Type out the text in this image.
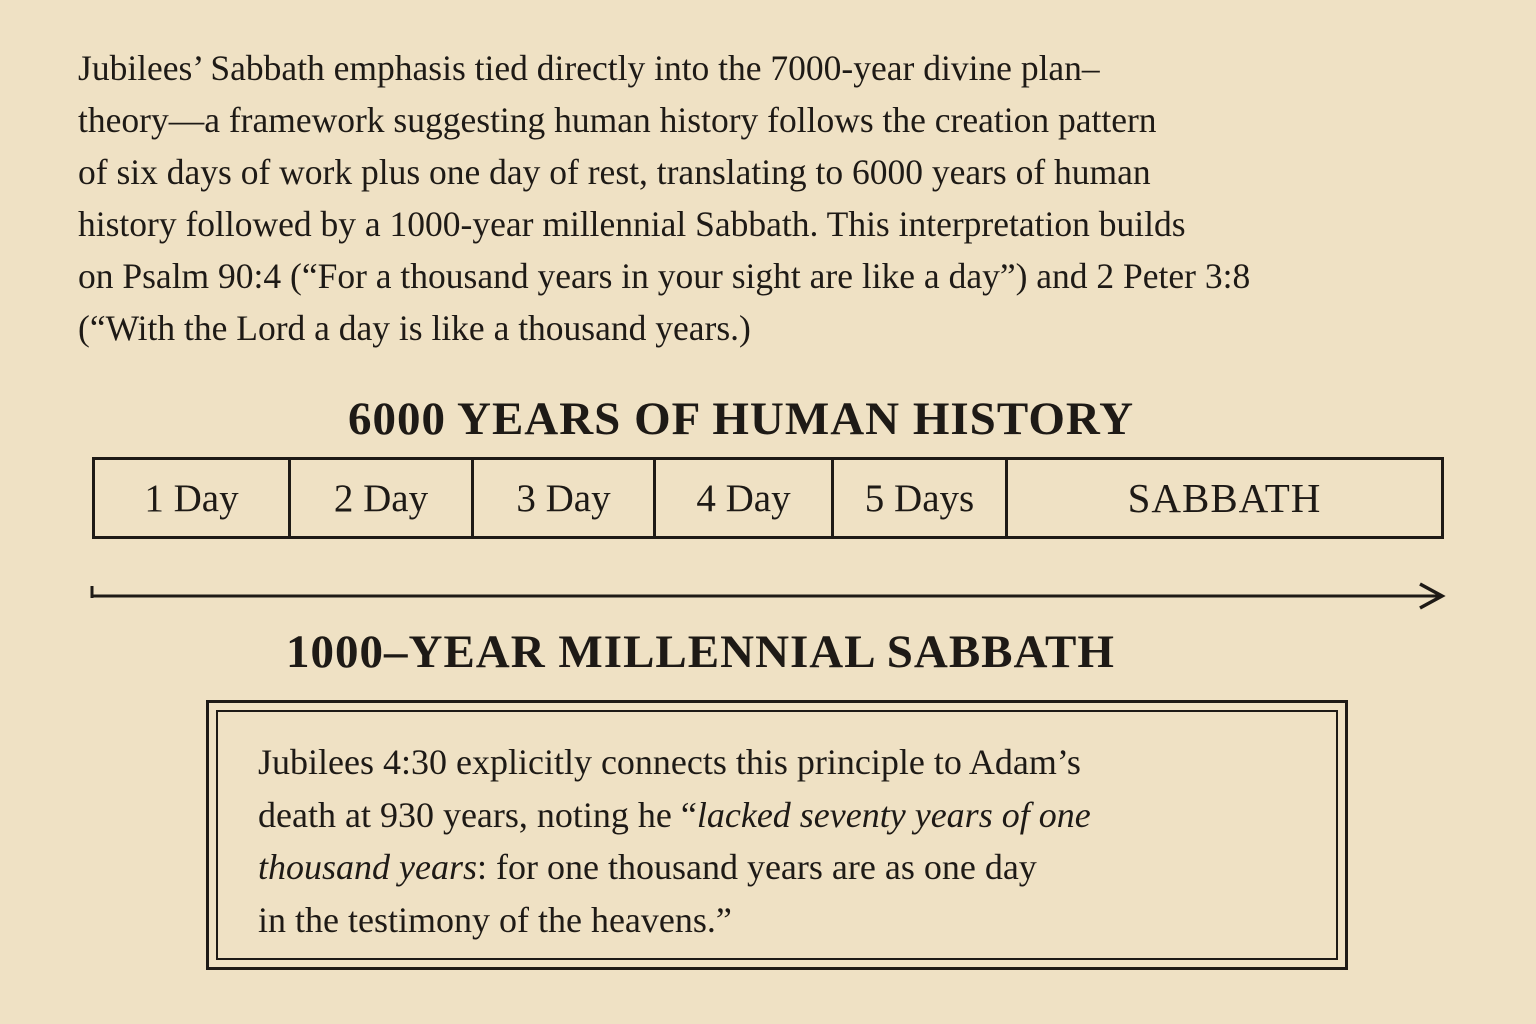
Jubilees’ Sabbath emphasis tied directly into the 7000-year divine plan–
theory—a framework suggesting human history follows the creation pattern
of six days of work plus one day of rest, translating to 6000 years of human
history followed by a 1000-year millennial Sabbath. This interpretation builds
on Psalm 90:4 (“For a thousand years in your sight are like a day”) and 2 Peter 3:8
(“With the Lord a day is like a thousand years.)

6000 YEARS OF HUMAN HISTORY
1 Day	2 Day	3 Day	4 Day	5 Days	SABBATH
1000–YEAR MILLENNIAL SABBATH
Jubilees 4:30 explicitly connects this principle to Adam’s
death at 930 years, noting he “lacked seventy years of one
thousand years: for one thousand years are as one day
in the testimony of the heavens.”
